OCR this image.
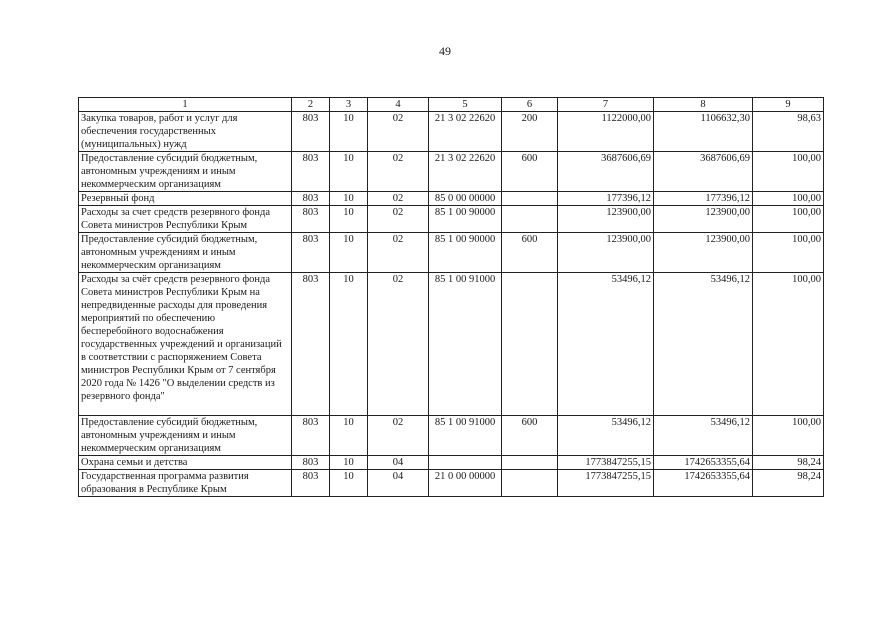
49
1	2	3	4	5	6	7	8	9
Закупка товаров, работ и услуг для обеспечения государственных (муниципальных) нужд	803	10	02	21 3 02 22620	200	1122000,00	1106632,30	98,63
Предоставление субсидий бюджетным, автономным учреждениям и иным некоммерческим организациям	803	10	02	21 3 02 22620	600	3687606,69	3687606,69	100,00
Резервный фонд	803	10	02	85 0 00 00000		177396,12	177396,12	100,00
Расходы за счет средств резервного фонда Совета министров Республики Крым	803	10	02	85 1 00 90000		123900,00	123900,00	100,00
Предоставление субсидий бюджетным, автономным учреждениям и иным некоммерческим организациям	803	10	02	85 1 00 90000	600	123900,00	123900,00	100,00
Расходы за счёт средств резервного фонда Совета министров Республики Крым на непредвиденные расходы для проведения мероприятий по обеспечению бесперебойного водоснабжения государственных учреждений и организаций в соответствии с распоряжением Совета министров Республики Крым от 7 сентября 2020 года № 1426 "О выделении средств из резервного фонда"	803	10	02	85 1 00 91000		53496,12	53496,12	100,00
Предоставление субсидий бюджетным, автономным учреждениям и иным некоммерческим организациям	803	10	02	85 1 00 91000	600	53496,12	53496,12	100,00
Охрана семьи и детства	803	10	04			1773847255,15	1742653355,64	98,24
Государственная программа развития образования в Республике Крым	803	10	04	21 0 00 00000		1773847255,15	1742653355,64	98,24
